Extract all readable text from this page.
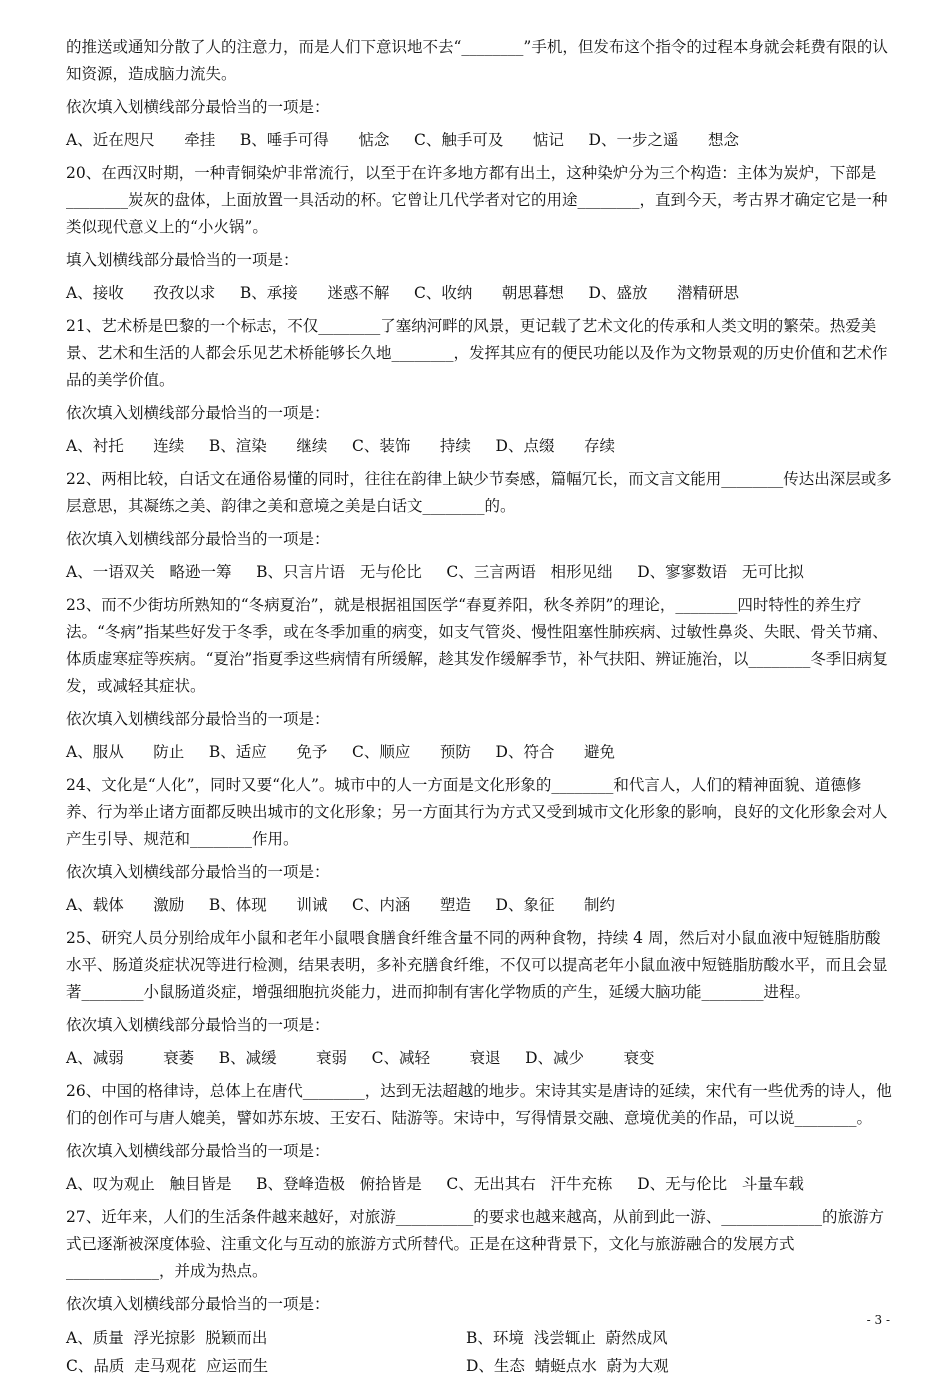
的推送或通知分散了人的注意力，而是人们下意识地不去“________”手机，但发布这个指令的过程本身就会耗费有限的认知资源，造成脑力流失。

依次填入划横线部分最恰当的一项是：

A、近在咫尺      牵挂     B、唾手可得      惦念     C、触手可及      惦记     D、一步之遥      想念

20、在西汉时期，一种青铜染炉非常流行，以至于在许多地方都有出土，这种染炉分为三个构造：主体为炭炉，下部是________炭灰的盘体，上面放置一具活动的杯。它曾让几代学者对它的用途________，直到今天，考古界才确定它是一种类似现代意义上的“小火锅”。

填入划横线部分最恰当的一项是：

A、接收      孜孜以求     B、承接      迷惑不解     C、收纳      朝思暮想     D、盛放      潜精研思

21、艺术桥是巴黎的一个标志，不仅________了塞纳河畔的风景，更记载了艺术文化的传承和人类文明的繁荣。热爱美景、艺术和生活的人都会乐见艺术桥能够长久地________，发挥其应有的便民功能以及作为文物景观的历史价值和艺术作品的美学价值。

依次填入划横线部分最恰当的一项是：

A、衬托      连续     B、渲染      继续     C、装饰      持续     D、点缀      存续

22、两相比较，白话文在通俗易懂的同时，往往在韵律上缺少节奏感，篇幅冗长，而文言文能用________传达出深层或多层意思，其凝练之美、韵律之美和意境之美是白话文________的。

依次填入划横线部分最恰当的一项是：

A、一语双关   略逊一筹     B、只言片语   无与伦比     C、三言两语   相形见绌     D、寥寥数语   无可比拟

23、而不少街坊所熟知的“冬病夏治”，就是根据祖国医学“春夏养阳，秋冬养阴”的理论，________四时特性的养生疗法。“冬病”指某些好发于冬季，或在冬季加重的病变，如支气管炎、慢性阻塞性肺疾病、过敏性鼻炎、失眠、骨关节痛、体质虚寒症等疾病。“夏治”指夏季这些病情有所缓解，趁其发作缓解季节，补气扶阳、辨证施治，以________冬季旧病复发，或减轻其症状。

依次填入划横线部分最恰当的一项是：

A、服从      防止     B、适应      免予     C、顺应      预防     D、符合      避免

24、文化是“人化”，同时又要“化人”。城市中的人一方面是文化形象的________和代言人，人们的精神面貌、道德修养、行为举止诸方面都反映出城市的文化形象；另一方面其行为方式又受到城市文化形象的影响，良好的文化形象会对人产生引导、规范和________作用。

依次填入划横线部分最恰当的一项是：

A、载体      激励     B、体现      训诫     C、内涵      塑造     D、象征      制约

25、研究人员分别给成年小鼠和老年小鼠喂食膳食纤维含量不同的两种食物，持续 4 周，然后对小鼠血液中短链脂肪酸水平、肠道炎症状况等进行检测，结果表明，多补充膳食纤维，不仅可以提高老年小鼠血液中短链脂肪酸水平，而且会显著________小鼠肠道炎症，增强细胞抗炎能力，进而抑制有害化学物质的产生，延缓大脑功能________进程。

依次填入划横线部分最恰当的一项是：

A、减弱        衰萎     B、减缓        衰弱     C、减轻        衰退     D、减少        衰变

26、中国的格律诗，总体上在唐代________，达到无法超越的地步。宋诗其实是唐诗的延续，宋代有一些优秀的诗人，他们的创作可与唐人媲美，譬如苏东坡、王安石、陆游等。宋诗中，写得情景交融、意境优美的作品，可以说________。

依次填入划横线部分最恰当的一项是：

A、叹为观止   触目皆是     B、登峰造极   俯拾皆是     C、无出其右   汗牛充栋     D、无与伦比   斗量车载

27、近年来，人们的生活条件越来越好，对旅游__________的要求也越来越高，从前到此一游、_____________的旅游方式已逐渐被深度体验、注重文化与互动的旅游方式所替代。正是在这种背景下，文化与旅游融合的发展方式____________，并成为热点。

依次填入划横线部分最恰当的一项是：

A、质量  浮光掠影  脱颖而出	B、环境  浅尝辄止  蔚然成风
C、品质  走马观花  应运而生	D、生态  蜻蜓点水  蔚为大观
- 3 -
